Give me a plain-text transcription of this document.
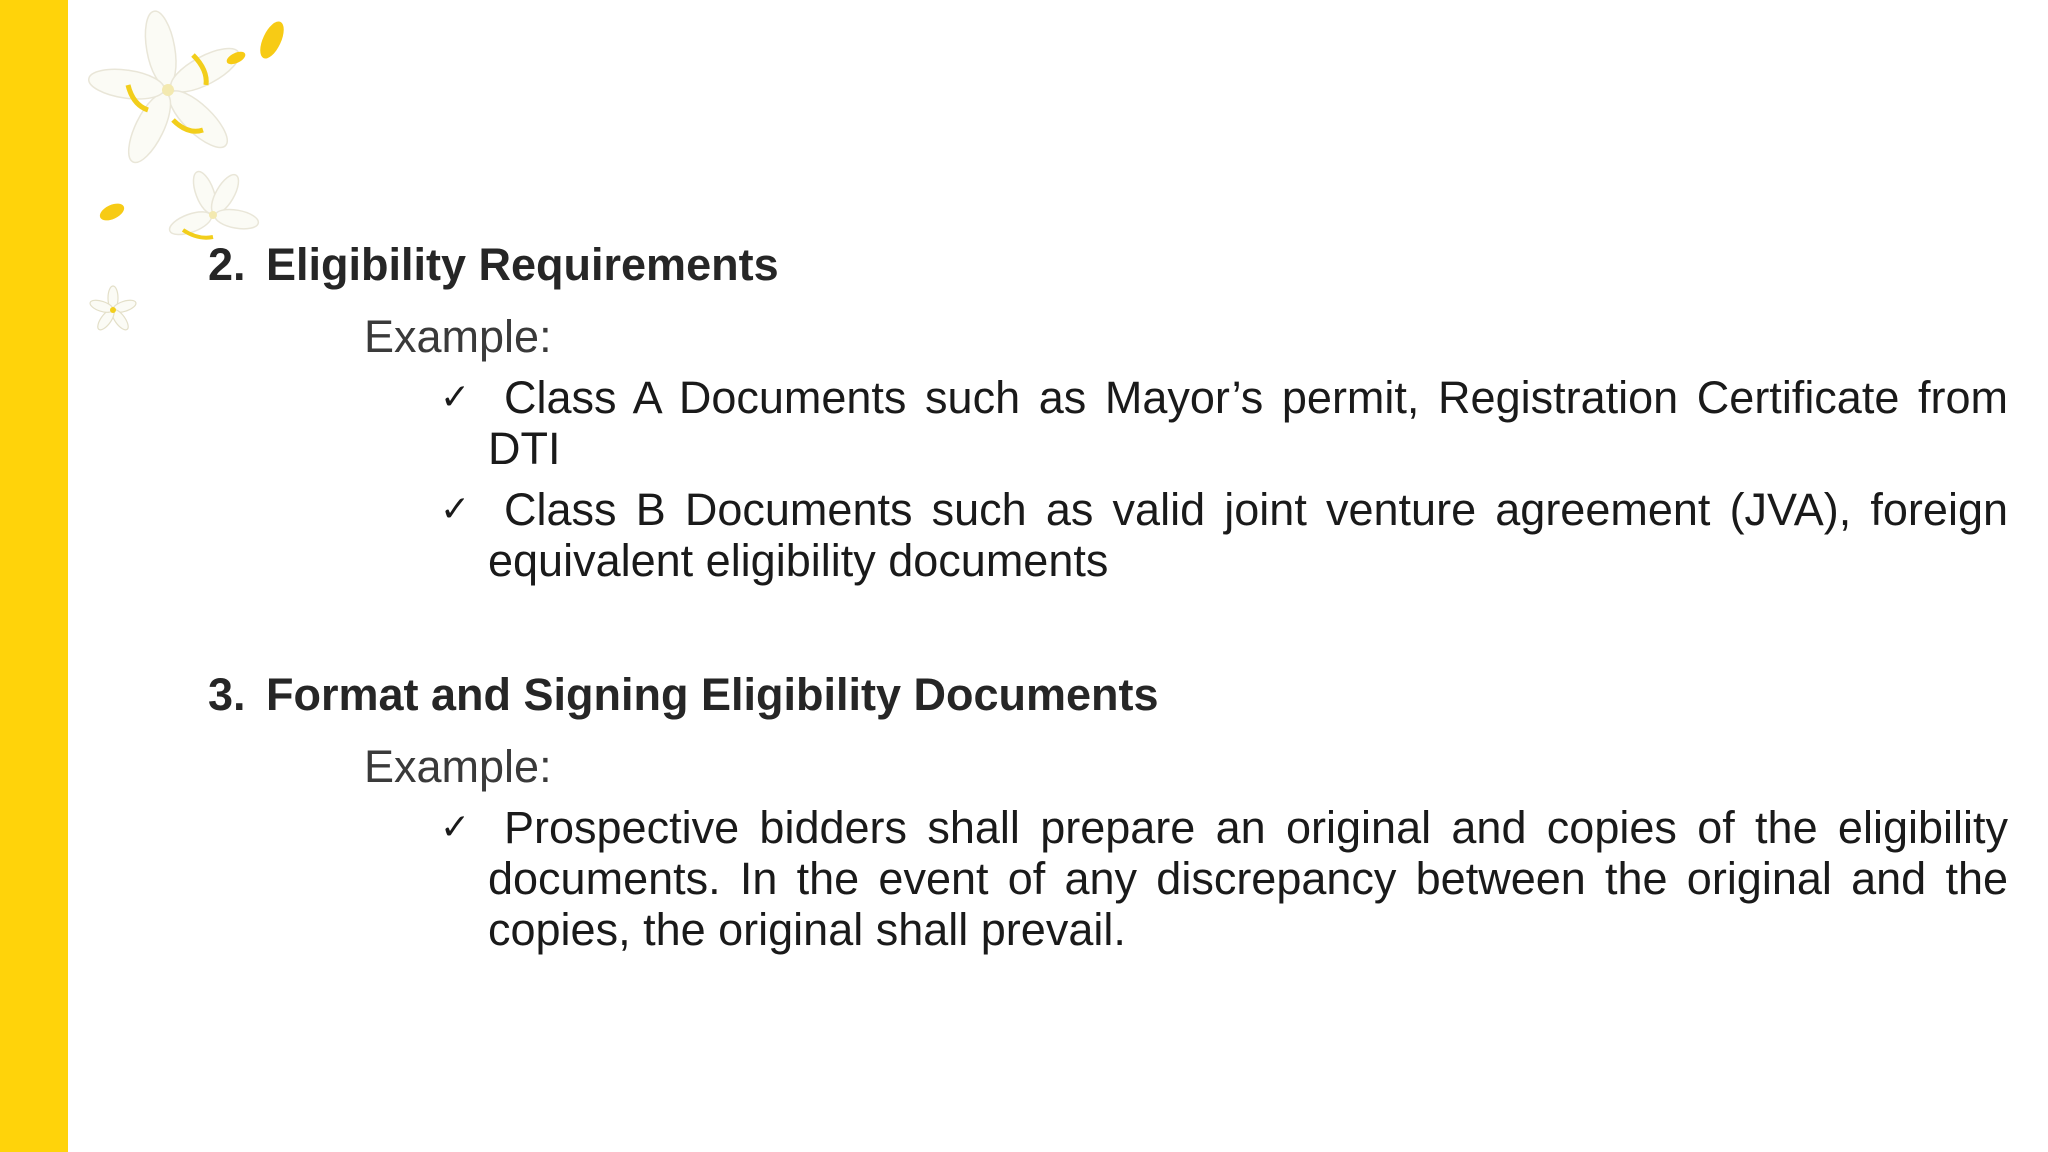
2. Eligibility Requirements
Example:
✓ Class A Documents such as Mayor’s permit, Registration Certificate from DTI
✓ Class B Documents such as valid joint venture agreement (JVA), foreign equivalent eligibility documents
3. Format and Signing Eligibility Documents
Example:
✓ Prospective bidders shall prepare an original and copies of the eligibility documents. In the event of any discrepancy between the original and the copies, the original shall prevail.
